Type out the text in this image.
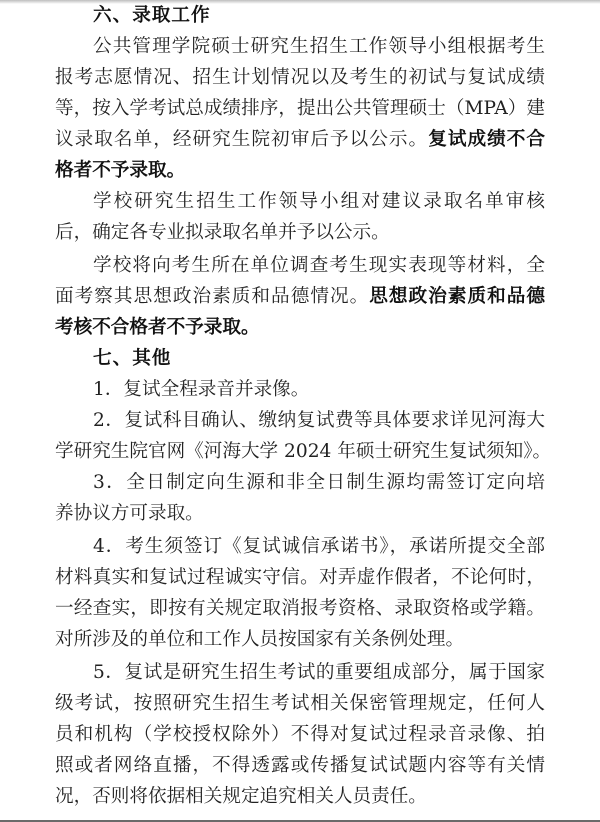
六、录取工作
公共管理学院硕士研究生招生工作领导小组根据考生
报考志愿情况、招生计划情况以及考生的初试与复试成绩
等，按入学考试总成绩排序，提出公共管理硕士（MPA）建
议录取名单，经研究生院初审后予以公示。复试成绩不合
格者不予录取。
学校研究生招生工作领导小组对建议录取名单审核
后，确定各专业拟录取名单并予以公示。
学校将向考生所在单位调查考生现实表现等材料，全
面考察其思想政治素质和品德情况。思想政治素质和品德
考核不合格者不予录取。
七、其他
1．复试全程录音并录像。
2．复试科目确认、缴纳复试费等具体要求详见河海大
学研究生院官网《河海大学 2024 年硕士研究生复试须知》。
3．全日制定向生源和非全日制生源均需签订定向培
养协议方可录取。
4．考生须签订《复试诚信承诺书》，承诺所提交全部
材料真实和复试过程诚实守信。对弄虚作假者，不论何时，
一经查实，即按有关规定取消报考资格、录取资格或学籍。
对所涉及的单位和工作人员按国家有关条例处理。
5．复试是研究生招生考试的重要组成部分，属于国家
级考试，按照研究生招生考试相关保密管理规定，任何人
员和机构（学校授权除外）不得对复试过程录音录像、拍
照或者网络直播，不得透露或传播复试试题内容等有关情
况，否则将依据相关规定追究相关人员责任。
